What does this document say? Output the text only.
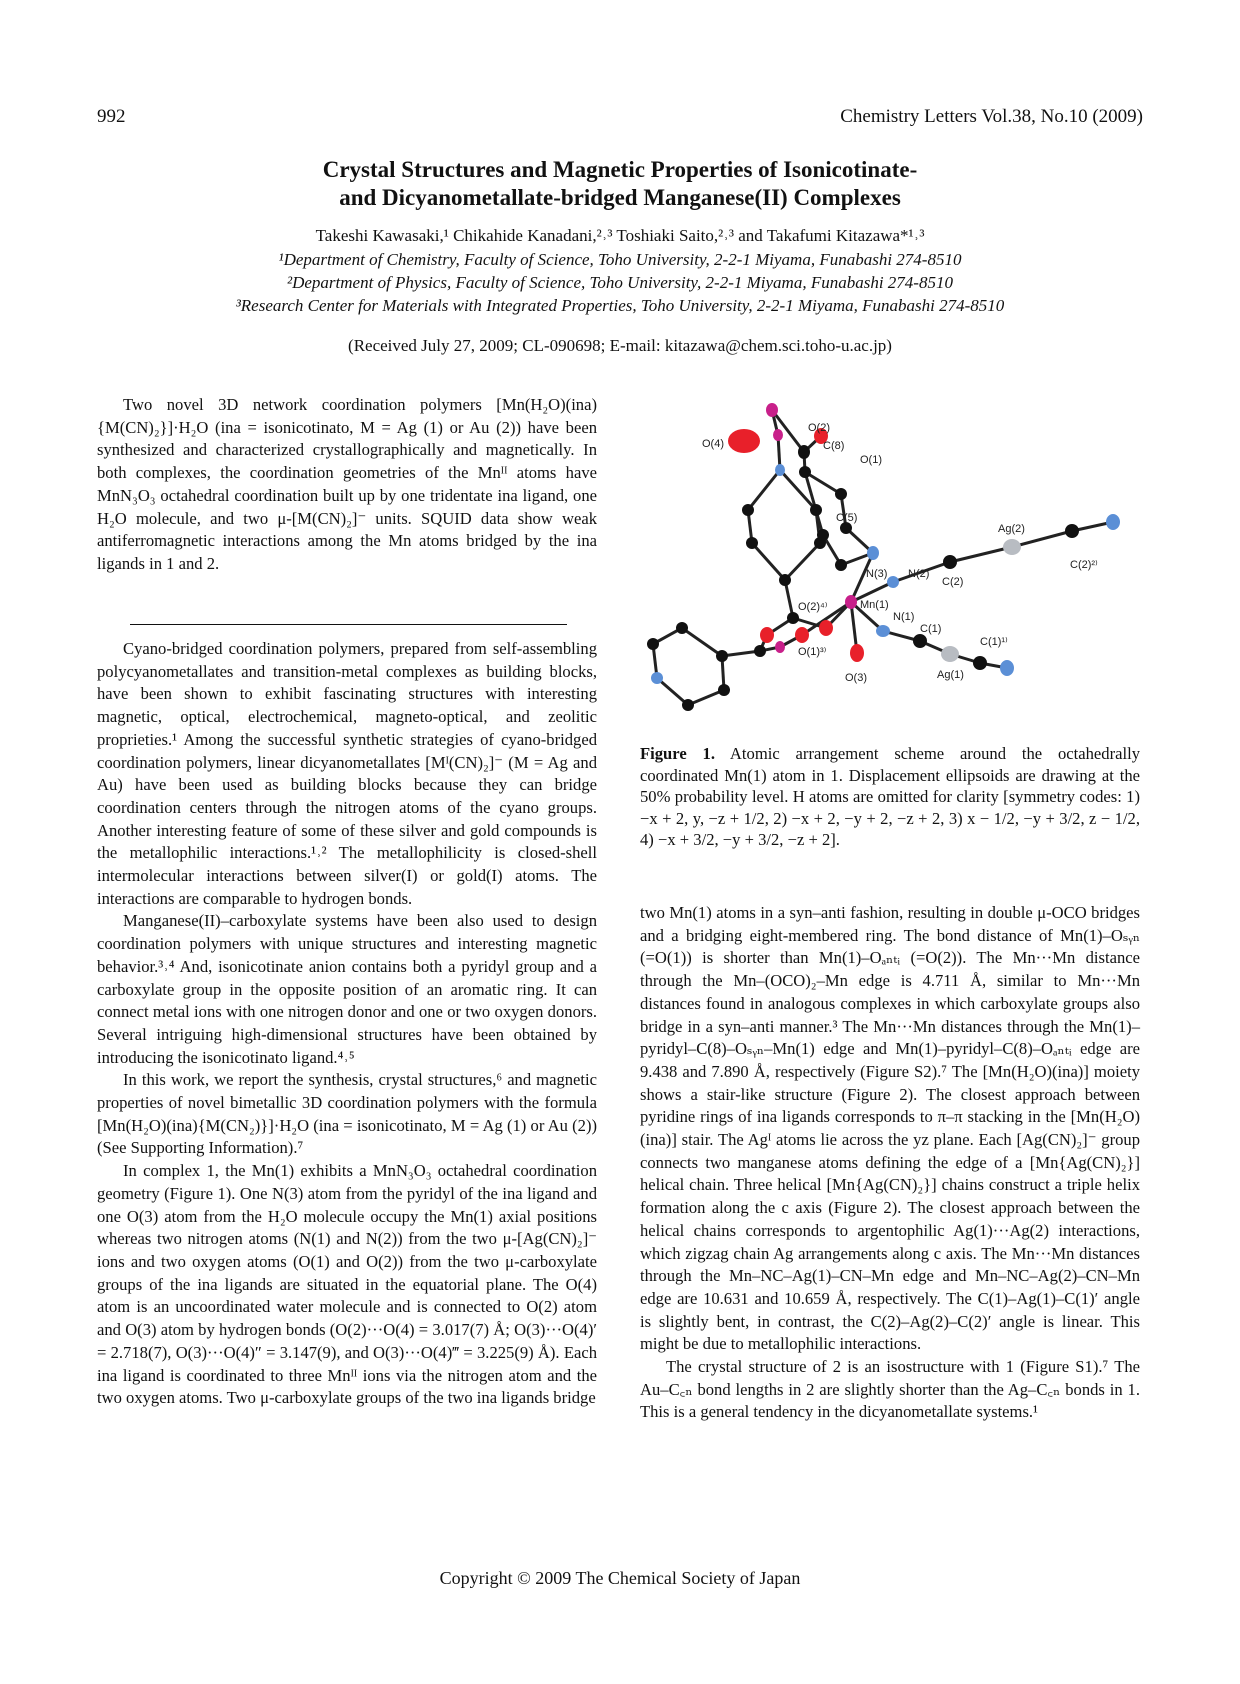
992	Chemistry Letters Vol.38, No.10 (2009)
Crystal Structures and Magnetic Properties of Isonicotinate-
and Dicyanometallate-bridged Manganese(II) Complexes
Takeshi Kawasaki,¹ Chikahide Kanadani,²˒³ Toshiaki Saito,²˒³ and Takafumi Kitazawa*¹˒³
¹Department of Chemistry, Faculty of Science, Toho University, 2-2-1 Miyama, Funabashi 274-8510
²Department of Physics, Faculty of Science, Toho University, 2-2-1 Miyama, Funabashi 274-8510
³Research Center for Materials with Integrated Properties, Toho University, 2-2-1 Miyama, Funabashi 274-8510
(Received July 27, 2009; CL-090698; E-mail: kitazawa@chem.sci.toho-u.ac.jp)

Two novel 3D network coordination polymers [Mn(H₂O)(ina){M(CN)₂}]·H₂O (ina = isonicotinato, M = Ag (1) or Au (2)) have been synthesized and characterized crystallographically and magnetically. In both complexes, the coordination geometries of the Mnᴵᴵ atoms have MnN₃O₃ octahedral coordination built up by one tridentate ina ligand, one H₂O molecule, and two μ-[M(CN)₂]⁻ units. SQUID data show weak antiferromagnetic interactions among the Mn atoms bridged by the ina ligands in 1 and 2.

Cyano-bridged coordination polymers, prepared from self-assembling polycyanometallates and transition-metal complexes as building blocks, have been shown to exhibit fascinating structures with interesting magnetic, optical, electrochemical, magneto-optical, and zeolitic proprieties.¹ Among the successful synthetic strategies of cyano-bridged coordination polymers, linear dicyanometallates [Mᴵ(CN)₂]⁻ (M = Ag and Au) have been used as building blocks because they can bridge coordination centers through the nitrogen atoms of the cyano groups. Another interesting feature of some of these silver and gold compounds is the metallophilic interactions.¹˒² The metallophilicity is closed-shell intermolecular interactions between silver(I) or gold(I) atoms. The interactions are comparable to hydrogen bonds.

Manganese(II)–carboxylate systems have been also used to design coordination polymers with unique structures and interesting magnetic behavior.³˒⁴ And, isonicotinate anion contains both a pyridyl group and a carboxylate group in the opposite position of an aromatic ring. It can connect metal ions with one nitrogen donor and one or two oxygen donors. Several intriguing high-dimensional structures have been obtained by introducing the isonicotinato ligand.⁴˒⁵

In this work, we report the synthesis, crystal structures,⁶ and magnetic properties of novel bimetallic 3D coordination polymers with the formula [Mn(H₂O)(ina){M(CN₂)}]·H₂O (ina = isonicotinato, M = Ag (1) or Au (2)) (See Supporting Information).⁷

In complex 1, the Mn(1) exhibits a MnN₃O₃ octahedral coordination geometry (Figure 1). One N(3) atom from the pyridyl of the ina ligand and one O(3) atom from the H₂O molecule occupy the Mn(1) axial positions whereas two nitrogen atoms (N(1) and N(2)) from the two μ-[Ag(CN)₂]⁻ ions and two oxygen atoms (O(1) and O(2)) from the two μ-carboxylate groups of the ina ligands are situated in the equatorial plane. The O(4) atom is an uncoordinated water molecule and is connected to O(2) atom and O(3) atom by hydrogen bonds (O(2)···O(4) = 3.017(7) Å; O(3)···O(4)′ = 2.718(7), O(3)···O(4)″ = 3.147(9), and O(3)···O(4)‴ = 3.225(9) Å). Each ina ligand is coordinated to three Mnᴵᴵ ions via the nitrogen atom and the two oxygen atoms. Two μ-carboxylate groups of the two ina ligands bridge

O(4)
O(2)
C(8)
O(1)
C(5)
N(3) N(2)
Ag(2)
C(2)²⁾
C(2)
O(2)⁴⁾	Mn(1)
N(1)
C(1)
C(1)¹⁾
O(1)³⁾
O(3)	Ag(1)
Figure 1. Atomic arrangement scheme around the octahedrally coordinated Mn(1) atom in 1. Displacement ellipsoids are drawing at the 50% probability level. H atoms are omitted for clarity [symmetry codes: 1) −x + 2, y, −z + 1/2, 2) −x + 2, −y + 2, −z + 2, 3) x − 1/2, −y + 3/2, z − 1/2, 4) −x + 3/2, −y + 3/2, −z + 2].

two Mn(1) atoms in a syn–anti fashion, resulting in double μ-OCO bridges and a bridging eight-membered ring. The bond distance of Mn(1)–Oₛᵧₙ (=O(1)) is shorter than Mn(1)–Oₐₙₜᵢ (=O(2)). The Mn···Mn distance through the Mn–(OCO)₂–Mn edge is 4.711 Å, similar to Mn···Mn distances found in analogous complexes in which carboxylate groups also bridge in a syn–anti manner.³ The Mn···Mn distances through the Mn(1)–pyridyl–C(8)–Oₛᵧₙ–Mn(1) edge and Mn(1)–pyridyl–C(8)–Oₐₙₜᵢ edge are 9.438 and 7.890 Å, respectively (Figure S2).⁷ The [Mn(H₂O)(ina)] moiety shows a stair-like structure (Figure 2). The closest approach between pyridine rings of ina ligands corresponds to π–π stacking in the [Mn(H₂O)(ina)] stair. The Agᴵ atoms lie across the yz plane. Each [Ag(CN)₂]⁻ group connects two manganese atoms defining the edge of a [Mn{Ag(CN)₂}] helical chain. Three helical [Mn{Ag(CN)₂}] chains construct a triple helix formation along the c axis (Figure 2). The closest approach between the helical chains corresponds to argentophilic Ag(1)···Ag(2) interactions, which zigzag chain Ag arrangements along c axis. The Mn···Mn distances through the Mn–NC–Ag(1)–CN–Mn edge and Mn–NC–Ag(2)–CN–Mn edge are 10.631 and 10.659 Å, respectively. The C(1)–Ag(1)–C(1)′ angle is slightly bent, in contrast, the C(2)–Ag(2)–C(2)′ angle is linear. This might be due to metallophilic interactions.

The crystal structure of 2 is an isostructure with 1 (Figure S1).⁷ The Au–C꜀ₙ bond lengths in 2 are slightly shorter than the Ag–C꜀ₙ bonds in 1. This is a general tendency in the dicyanometallate systems.¹

Copyright © 2009 The Chemical Society of Japan
